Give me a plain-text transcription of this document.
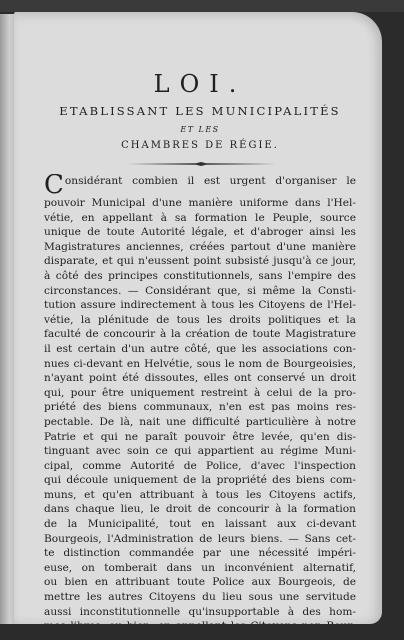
LOI.
ETABLISSANT LES MUNICIPALITÉS
ET LES
CHAMBRES DE RÉGIE.
Considérant combien il est urgent d'organiser le
pouvoir Municipal d'une manière uniforme dans l'Hel-
vétie, en appellant à sa formation le Peuple, source
unique de toute Autorité légale, et d'abroger ainsi les
Magistratures anciennes, créées partout d'une manière
disparate, et qui n'eussent point subsisté jusqu'à ce jour,
à côté des principes constitutionnels, sans l'empire des
circonstances. — Considérant que, si même la Consti-
tution assure indirectement à tous les Citoyens de l'Hel-
vétie, la plénitude de tous les droits politiques et la
faculté de concourir à la création de toute Magistrature
il est certain d'un autre côté, que les associations con-
nues ci-devant en Helvétie, sous le nom de Bourgeoisies,
n'ayant point été dissoutes, elles ont conservé un droit
qui, pour être uniquement restreint à celui de la pro-
priété des biens communaux, n'en est pas moins res-
pectable. De là, nait une difficulté particulière à notre
Patrie et qui ne paraît pouvoir être levée, qu'en dis-
tinguant avec soin ce qui appartient au régime Muni-
cipal, comme Autorité de Police, d'avec l'inspection
qui découle uniquement de la propriété des biens com-
muns, et qu'en attribuant à tous les Citoyens actifs,
dans chaque lieu, le droit de concourir à la formation
de la Municipalité, tout en laissant aux ci-devant
Bourgeois, l'Administration de leurs biens. — Sans cet-
te distinction commandée par une nécessité impéri-
euse, on tomberait dans un inconvénient alternatif,
ou bien en attribuant toute Police aux Bourgeois, de
mettre les autres Citoyens du lieu sous une servitude
aussi inconstitutionnelle qu'insupportable à des hom-
